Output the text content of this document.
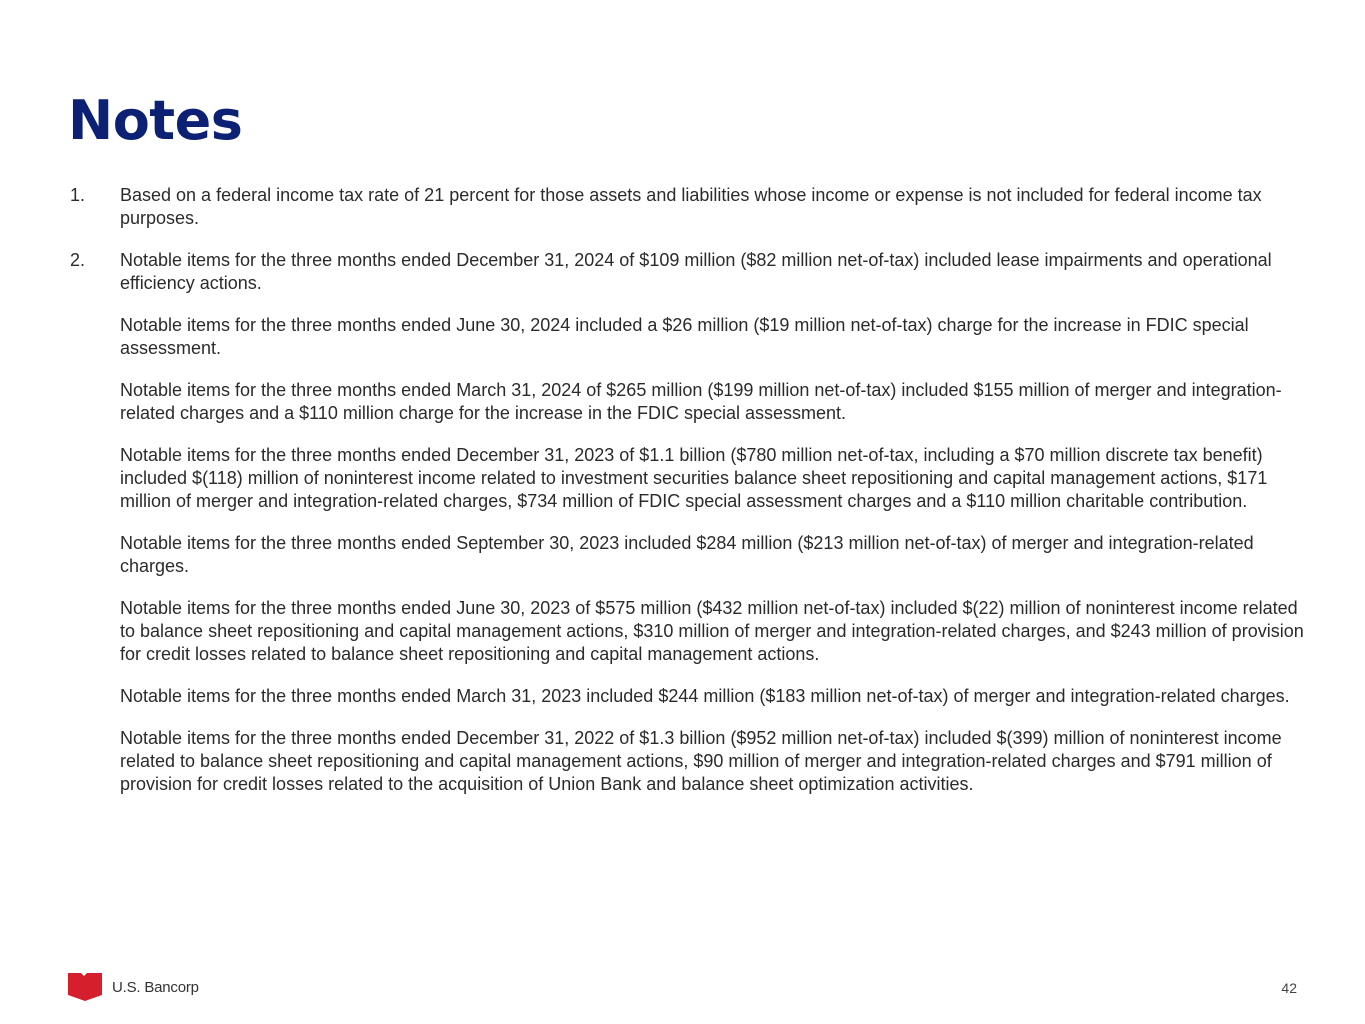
Notes
1. Based on a federal income tax rate of 21 percent for those assets and liabilities whose income or expense is not included for federal income tax purposes.

2. Notable items for the three months ended December 31, 2024 of $109 million ($82 million net-of-tax) included lease impairments and operational efficiency actions.

Notable items for the three months ended June 30, 2024 included a $26 million ($19 million net-of-tax) charge for the increase in FDIC special assessment.

Notable items for the three months ended March 31, 2024 of $265 million ($199 million net-of-tax) included $155 million of merger and integration-related charges and a $110 million charge for the increase in the FDIC special assessment.

Notable items for the three months ended December 31, 2023 of $1.1 billion ($780 million net-of-tax, including a $70 million discrete tax benefit) included $(118) million of noninterest income related to investment securities balance sheet repositioning and capital management actions, $171 million of merger and integration-related charges, $734 million of FDIC special assessment charges and a $110 million charitable contribution.

Notable items for the three months ended September 30, 2023 included $284 million ($213 million net-of-tax) of merger and integration-related charges.

Notable items for the three months ended June 30, 2023 of $575 million ($432 million net-of-tax) included $(22) million of noninterest income related to balance sheet repositioning and capital management actions, $310 million of merger and integration-related charges, and $243 million of provision for credit losses related to balance sheet repositioning and capital management actions.

Notable items for the three months ended March 31, 2023 included $244 million ($183 million net-of-tax) of merger and integration-related charges.

Notable items for the three months ended December 31, 2022 of $1.3 billion ($952 million net-of-tax) included $(399) million of noninterest income related to balance sheet repositioning and capital management actions, $90 million of merger and integration-related charges and $791 million of provision for credit losses related to the acquisition of Union Bank and balance sheet optimization activities.

U.S. Bancorp	42
